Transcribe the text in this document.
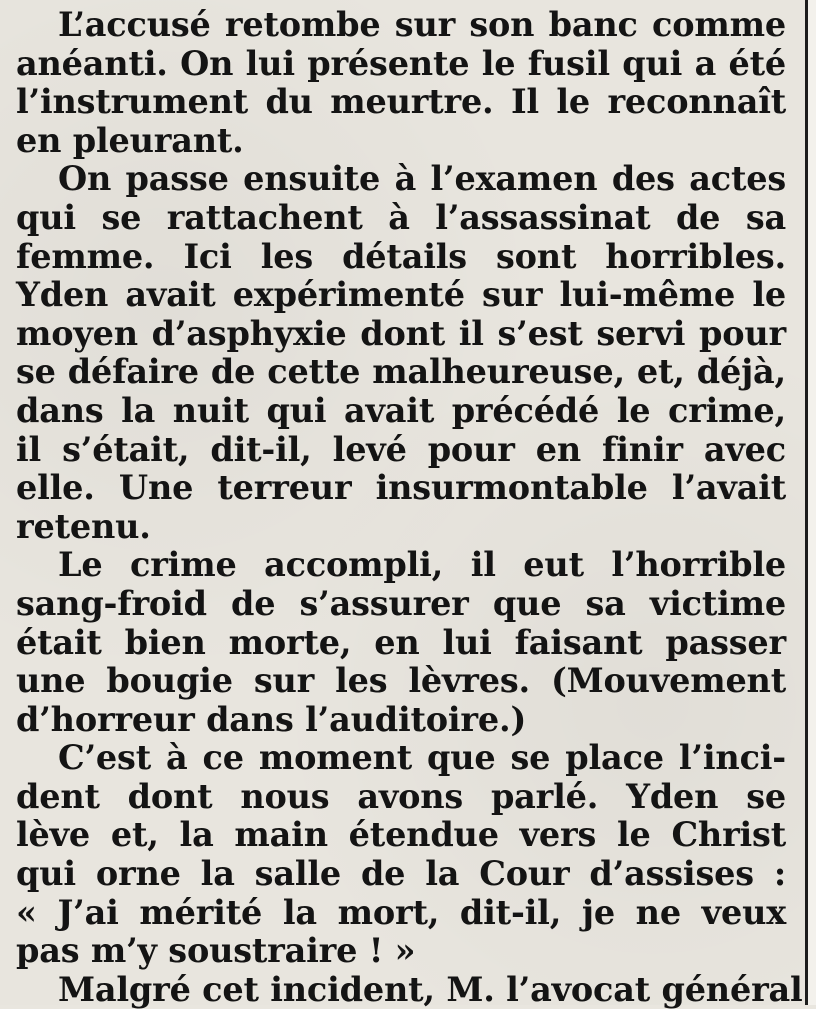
L’accusé retombe sur son banc comme
anéanti. On lui présente le fusil qui a été
l’instrument du meurtre. Il le reconnaît
en pleurant.

On passe ensuite à l’examen des actes
qui se rattachent à l’assassinat de sa
femme. Ici les détails sont horribles.
Yden avait expérimenté sur lui-même le
moyen d’asphyxie dont il s’est servi pour
se défaire de cette malheureuse, et, déjà,
dans la nuit qui avait précédé le crime,
il s’était, dit-il, levé pour en finir avec
elle. Une terreur insurmontable l’avait
retenu.

Le crime accompli, il eut l’horrible
sang-froid de s’assurer que sa victime
était bien morte, en lui faisant passer
une bougie sur les lèvres. (Mouvement
d’horreur dans l’auditoire.)

C’est à ce moment que se place l’inci-
dent dont nous avons parlé. Yden se
lève et, la main étendue vers le Christ
qui orne la salle de la Cour d’assises :
« J’ai mérité la mort, dit-il, je ne veux
pas m’y soustraire ! »

Malgré cet incident, M. l’avocat général
